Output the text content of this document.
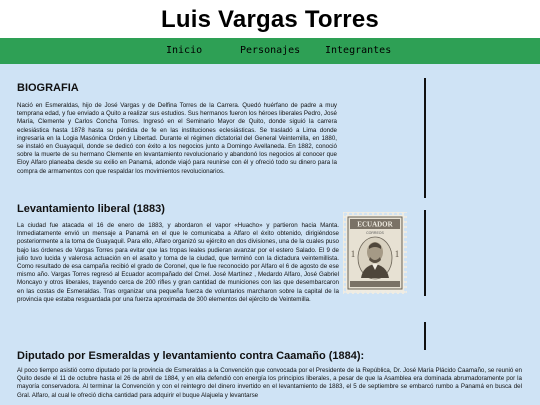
Luis Vargas Torres
Inicio	Personajes Integrantes
BIOGRAFIA

Nació en Esmeraldas, hijo de José Vargas y de Delfina Torres de la Carrera. Quedó huérfano de padre a muy temprana edad, y fue enviado a Quito a realizar sus estudios. Sus hermanos fueron los héroes liberales Pedro, José María, Clemente y Carlos Concha Torres. Ingresó en el Seminario Mayor de Quito, donde siguió la carrera eclesiástica hasta 1878 hasta su pérdida de fe en las instituciones eclesiásticas. Se trasladó a Lima donde ingresaría en la Logia Masónica Orden y Libertad. Durante el régimen dictatorial del General Veintemilla, en 1880, se instaló en Guayaquil, donde se dedicó con éxito a los negocios junto a Domingo Avellaneda. En 1882, conoció sobre la muerte de su hermano Clemente en levantamiento revolucionario y abandonó los negocios al conocer que Eloy Alfaro planeaba desde su exilio en Panamá, adonde viajó para reunirse con él y ofreció todo su dinero para la compra de armamentos con que respaldar los movimientos revolucionarios.

Levantamiento liberal (1883)

La ciudad fue atacada el 16 de enero de 1883, y abordaron el vapor «Huacho» y partieron hacia Manta. Inmediatamente envió un mensaje a Panamá en el que le comunicaba a Alfaro el éxito obtenido, dirigiéndose posteriormente a la toma de Guayaquil. Para ello, Alfaro organizó su ejército en dos divisiones, una de la cuales puso bajo las órdenes de Vargas Torres para evitar que las tropas leales pudieran avanzar por el estero Salado. El 9 de julio tuvo lucida y valerosa actuación en el asalto y toma de la ciudad, que terminó con la dictadura veintemillista. Como resultado de esa campaña recibió el grado de Coronel, que le fue reconocido por Alfaro el 6 de agosto de ese mismo año. Vargas Torres regresó al Ecuador acompañado del Crnel. José Martínez , Medardo Alfaro, José Gabriel Moncayo y otros liberales, trayendo cerca de 200 rifles y gran cantidad de municiones con las que desembarcaron en las costas de Esmeraldas. Tras organizar una pequeña fuerza de voluntarios marcharon sobre la capital de la provincia que estaba resguardada por una fuerza aproximada de 300 elementos del ejército de Veintemilla.

ECUADOR
CORREOS
1	1
Diputado por Esmeraldas y levantamiento contra Caamaño (1884):

Al poco tiempo asistió como diputado por la provincia de Esmeraldas a la Convención que convocada por el Presidente de la República, Dr. José María Plácido Caamaño, se reunió en Quito desde el 11 de octubre hasta el 26 de abril de 1884, y en ella defendió con energía los principios liberales, a pesar de que la Asamblea era dominada abrumadoramente por la mayoría conservadora. Al terminar la Convención y con el reintegro del dinero invertido en el levantamiento de 1883, el 5 de septiembre se embarcó rumbo a Panamá en busca del Gral. Alfaro, al cual le ofreció dicha cantidad para adquirir el buque Alajuela y levantarse
